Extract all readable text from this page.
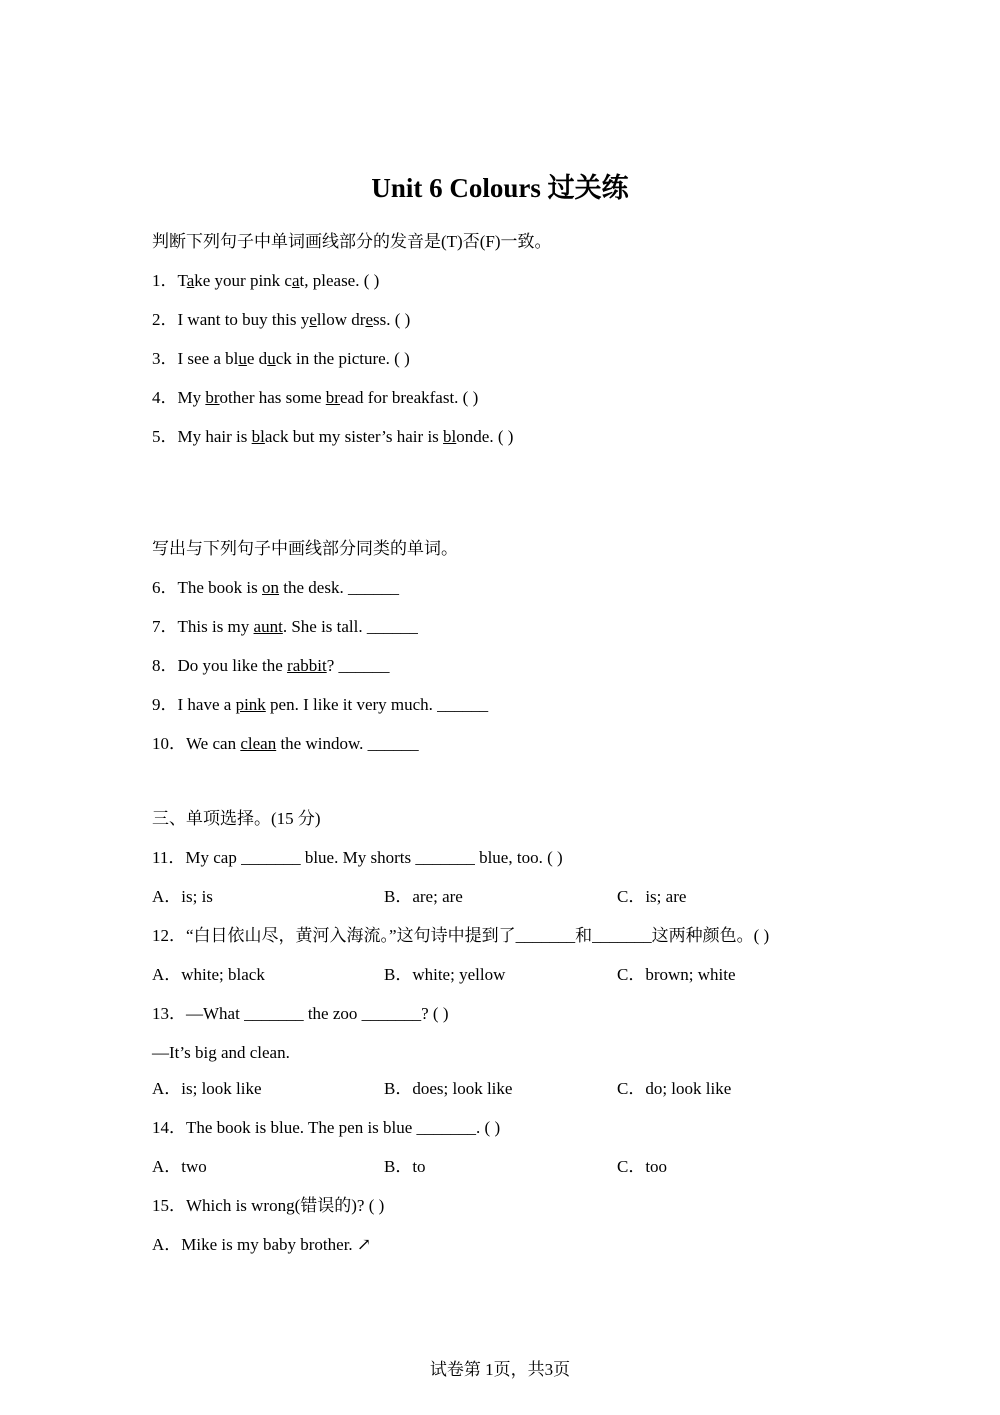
Unit 6 Colours 过关练
判断下列句子中单词画线部分的发音是(T)否(F)一致。
1．Take your pink cat, please. ( )
2．I want to buy this yellow dress. ( )
3．I see a blue duck in the picture. ( )
4．My brother has some bread for breakfast. ( )
5．My hair is black but my sister’s hair is blonde. ( )
写出与下列句子中画线部分同类的单词。
6．The book is on the desk. ______
7．This is my aunt. She is tall. ______
8．Do you like the rabbit? ______
9．I have a pink pen. I like it very much. ______
10．We can clean the window. ______
三、单项选择。(15 分)
11．My cap _______ blue. My shorts _______ blue, too. ( )
A．is; is	B．are; are	C．is; are
12．“白日依山尽，黄河入海流。”这句诗中提到了_______和_______这两种颜色。( )
A．white; black	B．white; yellow	C．brown; white
13．—What _______ the zoo _______? ( )
—It’s big and clean.
A．is; look like	B．does; look like	C．do; look like
14．The book is blue. The pen is blue _______. ( )
A．two	B．to	C．too
15．Which is wrong(错误的)? ( )
A．Mike is my baby brother. ↗
试卷第 1页，共3页
